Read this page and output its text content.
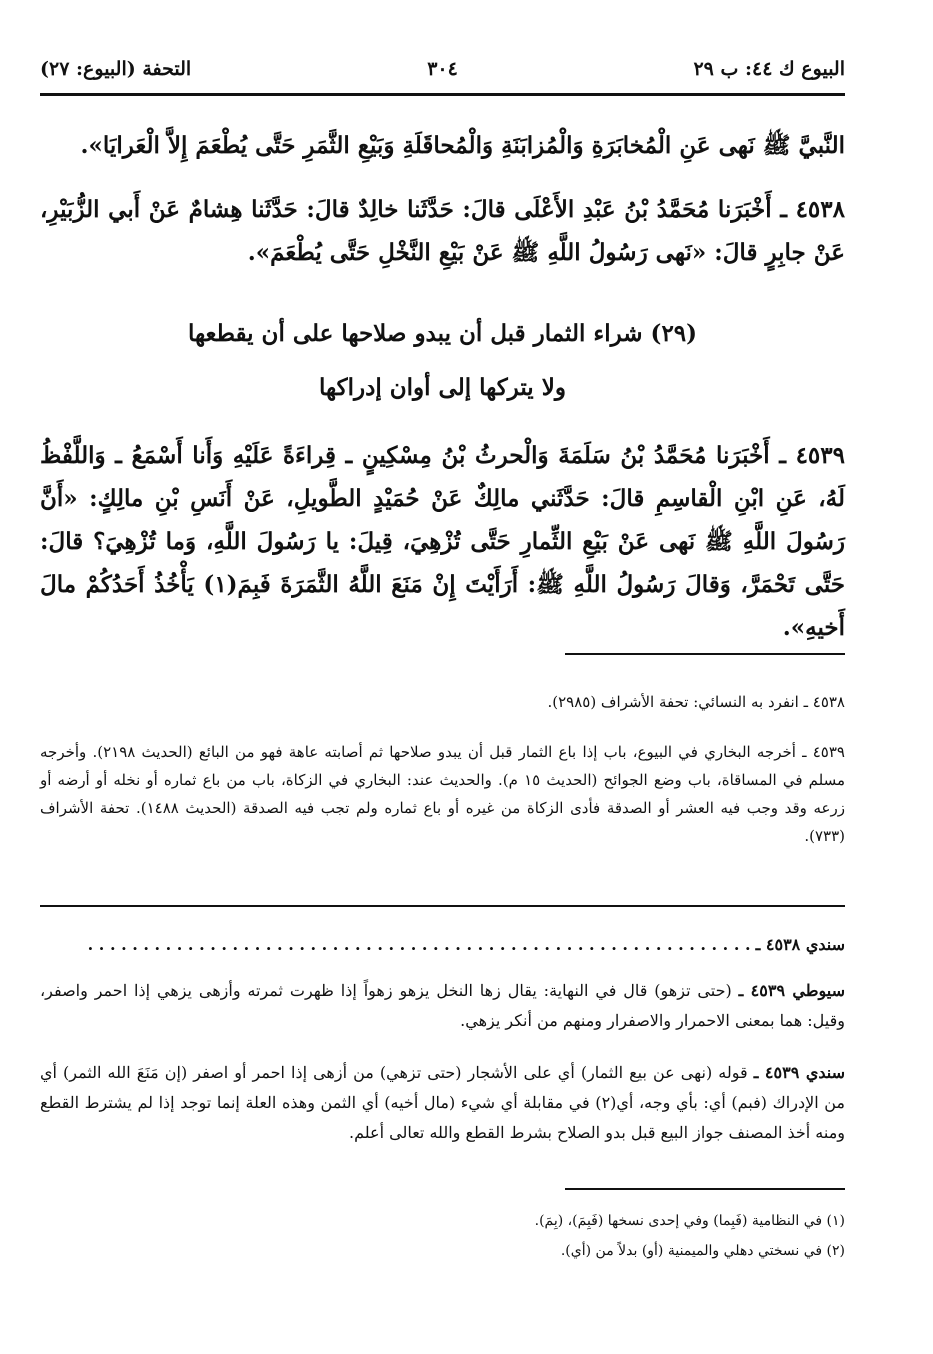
البيوع ك ٤٤: ب ٢٩
٣٠٤
التحفة (البيوع: ٢٧)
النَّبيَّ ﷺ نَهى عَنِ الْمُخابَرَةِ وَالْمُزابَنَةِ وَالْمُحاقَلَةِ وَبَيْعِ الثَّمَرِ حَتَّى يُطْعَمَ إِلاَّ الْعَرايَا».
٤٥٣٨ ـ أَخْبَرَنا مُحَمَّدُ بْنُ عَبْدِ الأَعْلَى قالَ: حَدَّثَنا خالِدٌ قالَ: حَدَّثَنا هِشامٌ عَنْ أَبي الزُّبَيْرِ، عَنْ جابِرٍ قالَ: «نَهى رَسُولُ اللَّهِ ﷺ عَنْ بَيْعِ النَّخْلِ حَتَّى يُطْعَمَ».
(٢٩) شراء الثمار قبل أن يبدو صلاحها على أن يقطعها
ولا يتركها إلى أوان إدراكها
٤٥٣٩ ـ أَخْبَرَنا مُحَمَّدُ بْنُ سَلَمَةَ وَالْحرثُ بْنُ مِسْكِينٍ ـ قِراءَةً عَلَيْهِ وَأَنا أَسْمَعُ ـ وَاللَّفْظُ لَهُ، عَنِ ابْنِ الْقاسِمِ قالَ: حَدَّثَني مالِكٌ عَنْ حُمَيْدٍ الطَّويلِ، عَنْ أَنَسِ بْنِ مالِكٍ: «أَنَّ رَسُولَ اللَّهِ ﷺ نَهى عَنْ بَيْعِ الثِّمارِ حَتَّى تُزْهِيَ، قِيلَ: يا رَسُولَ اللَّهِ، وَما تُزْهِيَ؟ قالَ: حَتَّى تَحْمَرَّ، وَقالَ رَسُولُ اللَّهِ ﷺ: أَرَأَيْتَ إِنْ مَنَعَ اللَّهُ الثَّمَرَةَ فَبِمَ(١) يَأْخُذُ أَحَدُكُمْ مالَ أَخيهِ».
٤٥٣٨ ـ انفرد به النسائي: تحفة الأشراف (٢٩٨٥).
٤٥٣٩ ـ أخرجه البخاري في البيوع، باب إذا باع الثمار قبل أن يبدو صلاحها ثم أصابته عاهة فهو من البائع (الحديث ٢١٩٨). وأخرجه مسلم في المساقاة، باب وضع الجوائح (الحديث ١٥ م). والحديث عند: البخاري في الزكاة، باب من باع ثماره أو نخله أو أرضه أو زرعه وقد وجب فيه العشر أو الصدقة فأدى الزكاة من غيره أو باع ثماره ولم تجب فيه الصدقة (الحديث ١٤٨٨). تحفة الأشراف (٧٣٣).
سندي ٤٥٣٨ ـ . . . . . . . . . . . . . . . . . . . . . . . . . . . . . . . . . . . . . . . . . . . . . . . . . . . . . . . . . . . .
سيوطي ٤٥٣٩ ـ (حتى تزهو) قال في النهاية: يقال زها النخل يزهو زهواً إذا ظهرت ثمرته وأزهى يزهي إذا احمر واصفر، وقيل: هما بمعنى الاحمرار والاصفرار ومنهم من أنكر يزهي.
سندي ٤٥٣٩ ـ قوله (نهى عن بيع الثمار) أي على الأشجار (حتى تزهي) من أزهى إذا احمر أو اصفر (إن مَنَعَ الله الثمر) أي من الإدراك (فبم) أي: بأي وجه، أي(٢) في مقابلة أي شيء (مال أخيه) أي الثمن وهذه العلة إنما توجد إذا لم يشترط القطع ومنه أخذ المصنف جواز البيع قبل بدو الصلاح بشرط القطع والله تعالى أعلم.
(١) في النظامية (فَبِما) وفي إحدى نسخها (فَبِمَ)، (بِمَ).
(٢) في نسختي دهلي والميمنية (أو) بدلاً من (أي).
